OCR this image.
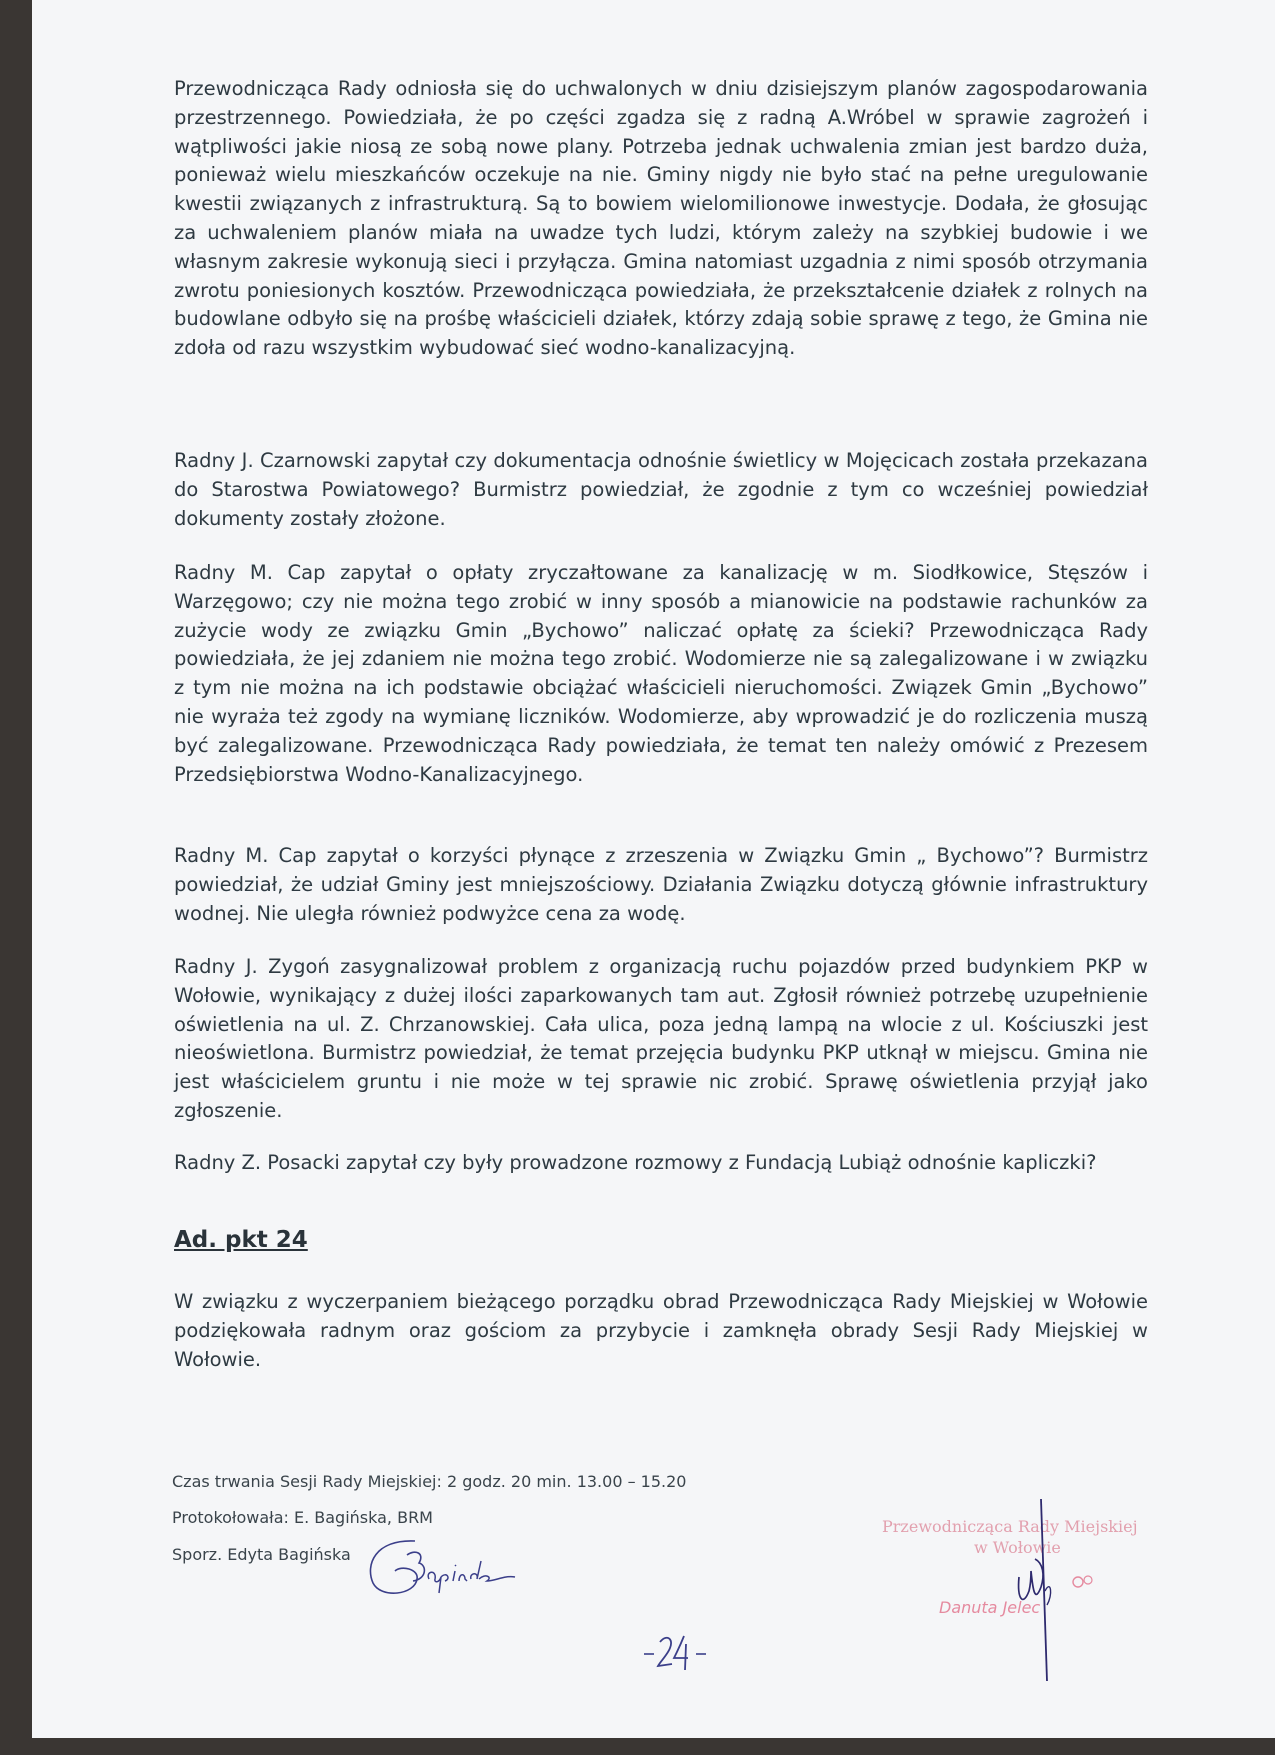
Przewodnicząca Rady odniosła się do uchwalonych w dniu dzisiejszym planów zagospodarowania przestrzennego. Powiedziała, że po części zgadza się z radną A.Wróbel w sprawie zagrożeń i wątpliwości jakie niosą ze sobą nowe plany. Potrzeba jednak uchwalenia zmian jest bardzo duża, ponieważ wielu mieszkańców oczekuje na nie. Gminy nigdy nie było stać na pełne uregulowanie kwestii związanych z infrastrukturą. Są to bowiem wielomilionowe inwestycje. Dodała, że głosując za uchwaleniem planów miała na uwadze tych ludzi, którym zależy na szybkiej budowie i we własnym zakresie wykonują sieci i przyłącza. Gmina natomiast uzgadnia z nimi sposób otrzymania zwrotu poniesionych kosztów. Przewodnicząca powiedziała, że przekształcenie działek z rolnych na budowlane odbyło się na prośbę właścicieli działek, którzy zdają sobie sprawę z tego, że Gmina nie zdoła od razu wszystkim wybudować sieć wodno-kanalizacyjną.
Radny J. Czarnowski zapytał czy dokumentacja odnośnie świetlicy w Mojęcicach została przekazana do Starostwa Powiatowego? Burmistrz powiedział, że zgodnie z tym co wcześniej powiedział dokumenty zostały złożone.
Radny M. Cap zapytał o opłaty zryczałtowane za kanalizację w m. Siodłkowice, Stęszów i Warzęgowo; czy nie można tego zrobić w inny sposób a mianowicie na podstawie rachunków za zużycie wody ze związku Gmin „Bychowo” naliczać opłatę za ścieki? Przewodnicząca Rady powiedziała, że jej zdaniem nie można tego zrobić. Wodomierze nie są zalegalizowane i w związku z tym nie można na ich podstawie obciążać właścicieli nieruchomości. Związek Gmin „Bychowo” nie wyraża też zgody na wymianę liczników. Wodomierze, aby wprowadzić je do rozliczenia muszą być zalegalizowane. Przewodnicząca Rady powiedziała, że temat ten należy omówić z Prezesem Przedsiębiorstwa Wodno-Kanalizacyjnego.
Radny M. Cap zapytał o korzyści płynące z zrzeszenia w Związku Gmin „ Bychowo”? Burmistrz powiedział, że udział Gminy jest mniejszościowy. Działania Związku dotyczą głównie infrastruktury wodnej. Nie uległa również podwyżce cena za wodę.
Radny J. Zygoń zasygnalizował problem z organizacją ruchu pojazdów przed budynkiem PKP w Wołowie, wynikający z dużej ilości zaparkowanych tam aut. Zgłosił również potrzebę uzupełnienie oświetlenia na ul. Z. Chrzanowskiej. Cała ulica, poza jedną lampą na wlocie z ul. Kościuszki jest nieoświetlona. Burmistrz powiedział, że temat przejęcia budynku PKP utknął w miejscu. Gmina nie jest właścicielem gruntu i nie może w tej sprawie nic zrobić. Sprawę oświetlenia przyjął jako zgłoszenie.
Radny Z. Posacki zapytał czy były prowadzone rozmowy z Fundacją Lubiąż odnośnie kapliczki?
Ad. pkt 24
W związku z wyczerpaniem bieżącego porządku obrad Przewodnicząca Rady Miejskiej w Wołowie podziękowała radnym oraz gościom za przybycie i zamknęła obrady Sesji Rady Miejskiej w Wołowie.
Czas trwania Sesji Rady Miejskiej: 2 godz. 20 min. 13.00 – 15.20
Protokołowała: E. Bagińska, BRM
Sporz. Edyta Bagińska
Przewodnicząca Rady Miejskiej
w Wołowie
Danuta Jelec
